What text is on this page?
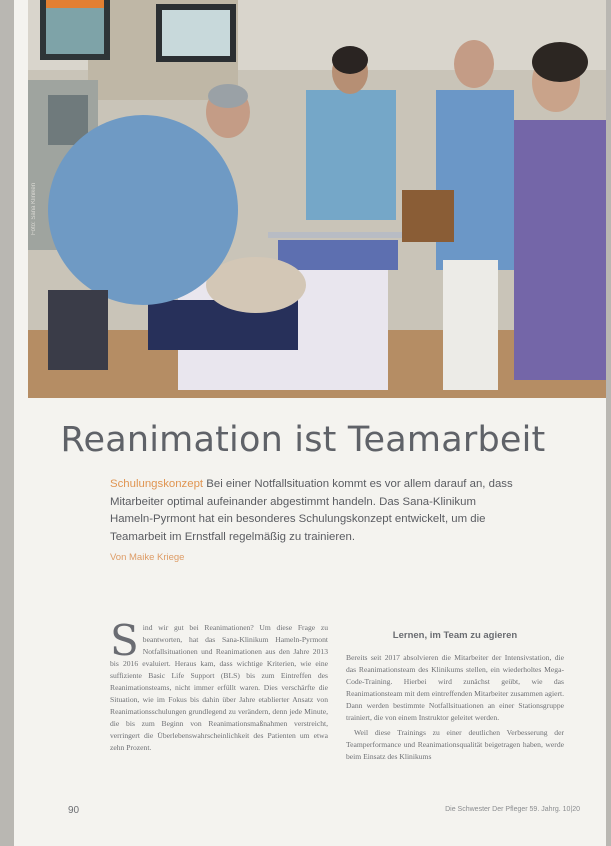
Foto: Sana Kliniken
Reanimation ist Teamarbeit

Schulungskonzept Bei einer Notfallsituation kommt es vor allem darauf an, dass Mitarbeiter optimal aufeinander abgestimmt handeln. Das Sana-Klinikum Hameln-Pyrmont hat ein besonderes Schulungskonzept entwickelt, um die Teamarbeit im Ernstfall regelmäßig zu trainieren.

Von Maike Kriege

Sind wir gut bei Reanimationen? Um diese Frage zu beantworten, hat das Sana-Klinikum Hameln-Pyrmont Notfallsituationen und Reanimationen aus den Jahre 2013 bis 2016 evaluiert. Heraus kam, dass wichtige Kriterien, wie eine suffiziente Basic Life Support (BLS) bis zum Eintreffen des Reanimationsteams, nicht immer erfüllt waren. Dies verschärfte die Situation, wie im Fokus bis dahin über Jahre etablierter Ansatz von Reanimationsschulungen grundlegend zu verändern, denn jede Minute, die bis zum Beginn von Reanimationsmaßnahmen verstreicht, verringert die Überlebenswahrscheinlichkeit des Patienten um etwa zehn Prozent.
Lernen, im Team zu agieren

Bereits seit 2017 absolvieren die Mitarbeiter der Intensivstation, die das Reanimationsteam des Klinikums stellen, ein wiederholtes Mega-Code-Training. Hierbei wird zunächst geübt, wie das Reanimationsteam mit dem eintreffenden Mitarbeiter zusammen agiert. Dann werden bestimmte Notfallsituationen an einer Stationsgruppe trainiert, die von einem Instruktor geleitet werden.

Weil diese Trainings zu einer deutlichen Verbesserung der Teamperformance und Reanimationsqualität beigetragen haben, werde beim Einsatz des Klinikums

90	Die Schwester Der Pfleger 59. Jahrg. 10|20
